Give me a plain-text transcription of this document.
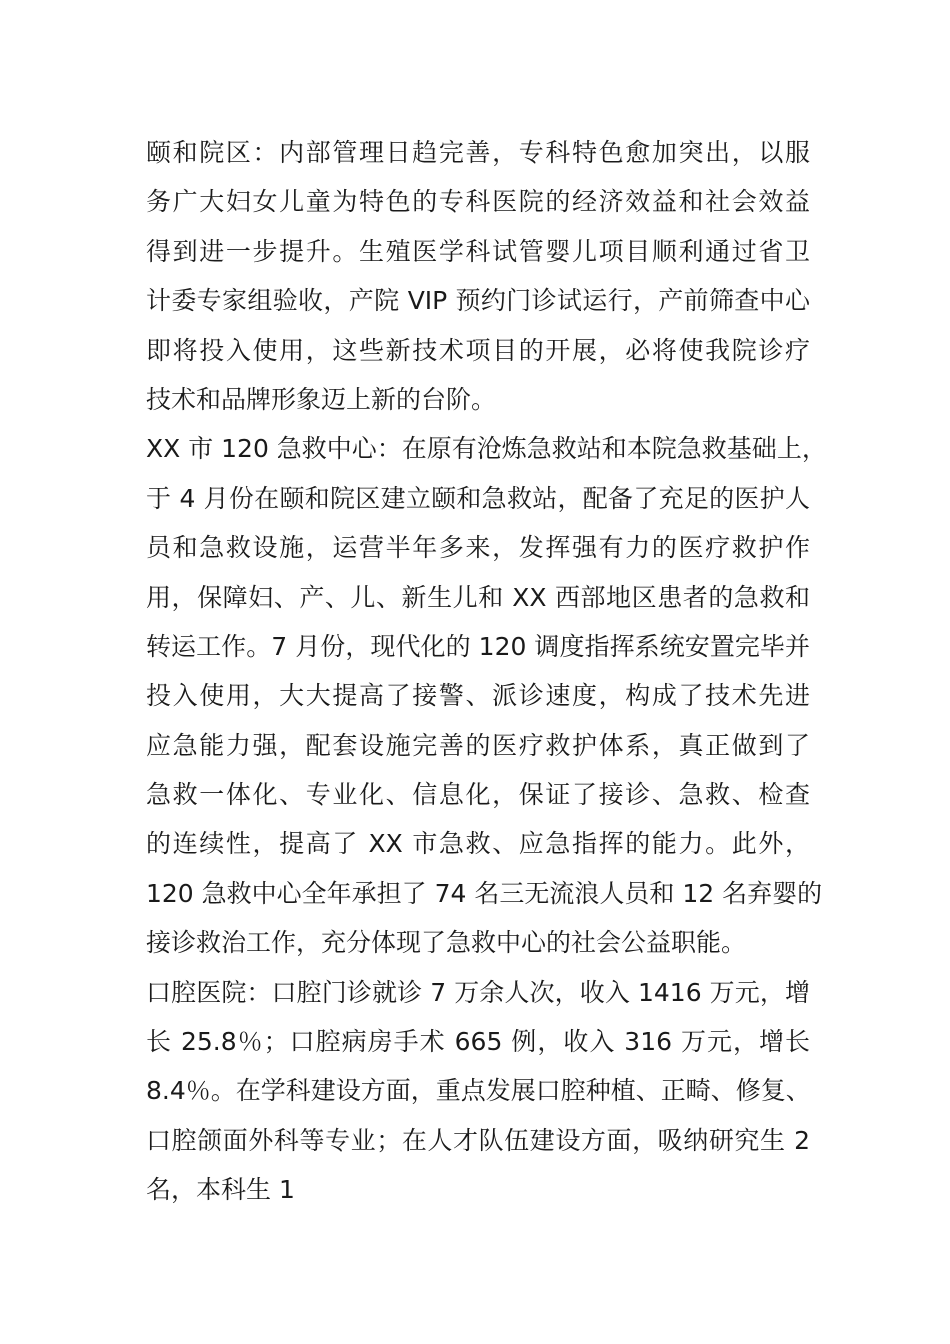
颐和院区：内部管理日趋完善，专科特色愈加突出，以服
务广大妇女儿童为特色的专科医院的经济效益和社会效益
得到进一步提升。生殖医学科试管婴儿项目顺利通过省卫
计委专家组验收，产院 VIP 预约门诊试运行，产前筛查中心
即将投入使用，这些新技术项目的开展，必将使我院诊疗
技术和品牌形象迈上新的台阶。
XX 市 120 急救中心：在原有沧炼急救站和本院急救基础上，
于 4 月份在颐和院区建立颐和急救站，配备了充足的医护人
员和急救设施，运营半年多来，发挥强有力的医疗救护作
用，保障妇、产、儿、新生儿和 XX 西部地区患者的急救和
转运工作。7 月份，现代化的 120 调度指挥系统安置完毕并
投入使用，大大提高了接警、派诊速度，构成了技术先进
应急能力强，配套设施完善的医疗救护体系，真正做到了
急救一体化、专业化、信息化，保证了接诊、急救、检查
的连续性，提高了 XX 市急救、应急指挥的能力。此外，
120 急救中心全年承担了 74 名三无流浪人员和 12 名弃婴的
接诊救治工作，充分体现了急救中心的社会公益职能。
口腔医院：口腔门诊就诊 7 万余人次，收入 1416 万元，增
长 25.8％；口腔病房手术 665 例，收入 316 万元，增长
8.4％。在学科建设方面，重点发展口腔种植、正畸、修复、
口腔颌面外科等专业；在人才队伍建设方面，吸纳研究生 2
名，本科生 1
